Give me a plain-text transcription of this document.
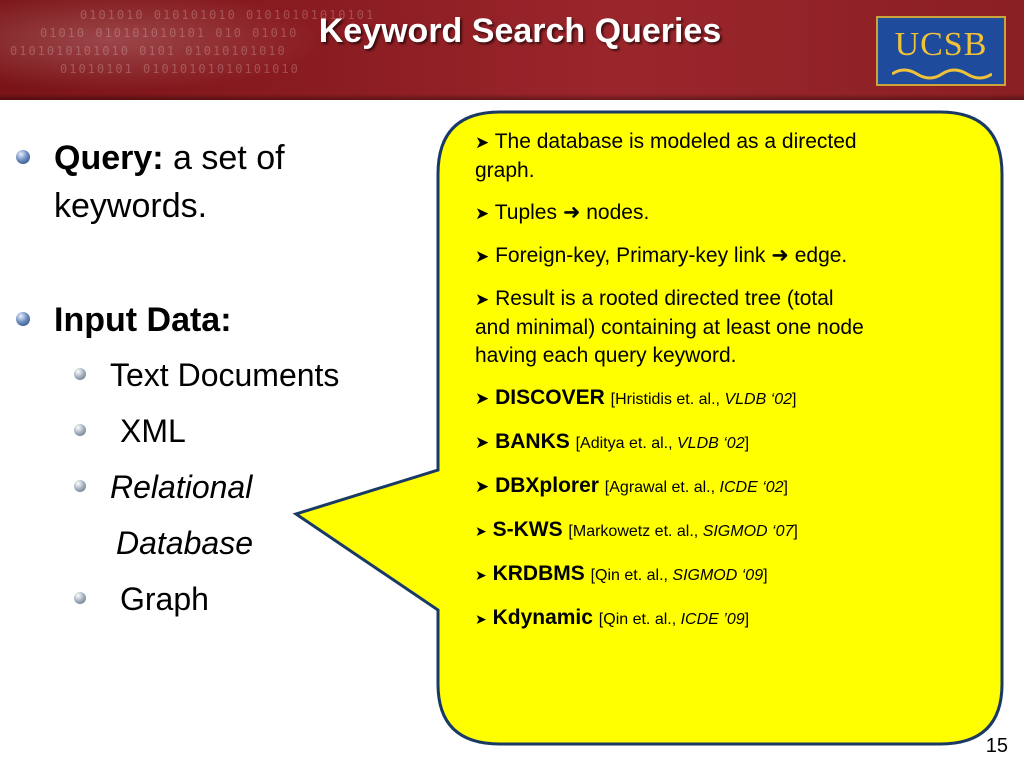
0101010 010101010 01010101010101
01010 010101010101 010 01010
0101010101010 0101 01010101010
01010101 01010101010101010
Keyword Search Queries	UCSB
Query: a set of
keywords.
Input Data:
Text Documents
XML
Relational
Database
Graph
➤ The database is modeled as a directed
graph.
➤ Tuples ➜ nodes.
➤ Foreign-key, Primary-key link ➜ edge.
➤ Result is a rooted directed tree (total
and minimal) containing at least one node
having each query keyword.
➤ DISCOVER [Hristidis et. al., VLDB ‘02]
➤ BANKS [Aditya et. al., VLDB ‘02]
➤ DBXplorer [Agrawal et. al., ICDE ‘02]
➤ S-KWS [Markowetz et. al., SIGMOD ‘07]
➤ KRDBMS [Qin et. al., SIGMOD ‘09]
➤ Kdynamic [Qin et. al., ICDE ’09]
15
